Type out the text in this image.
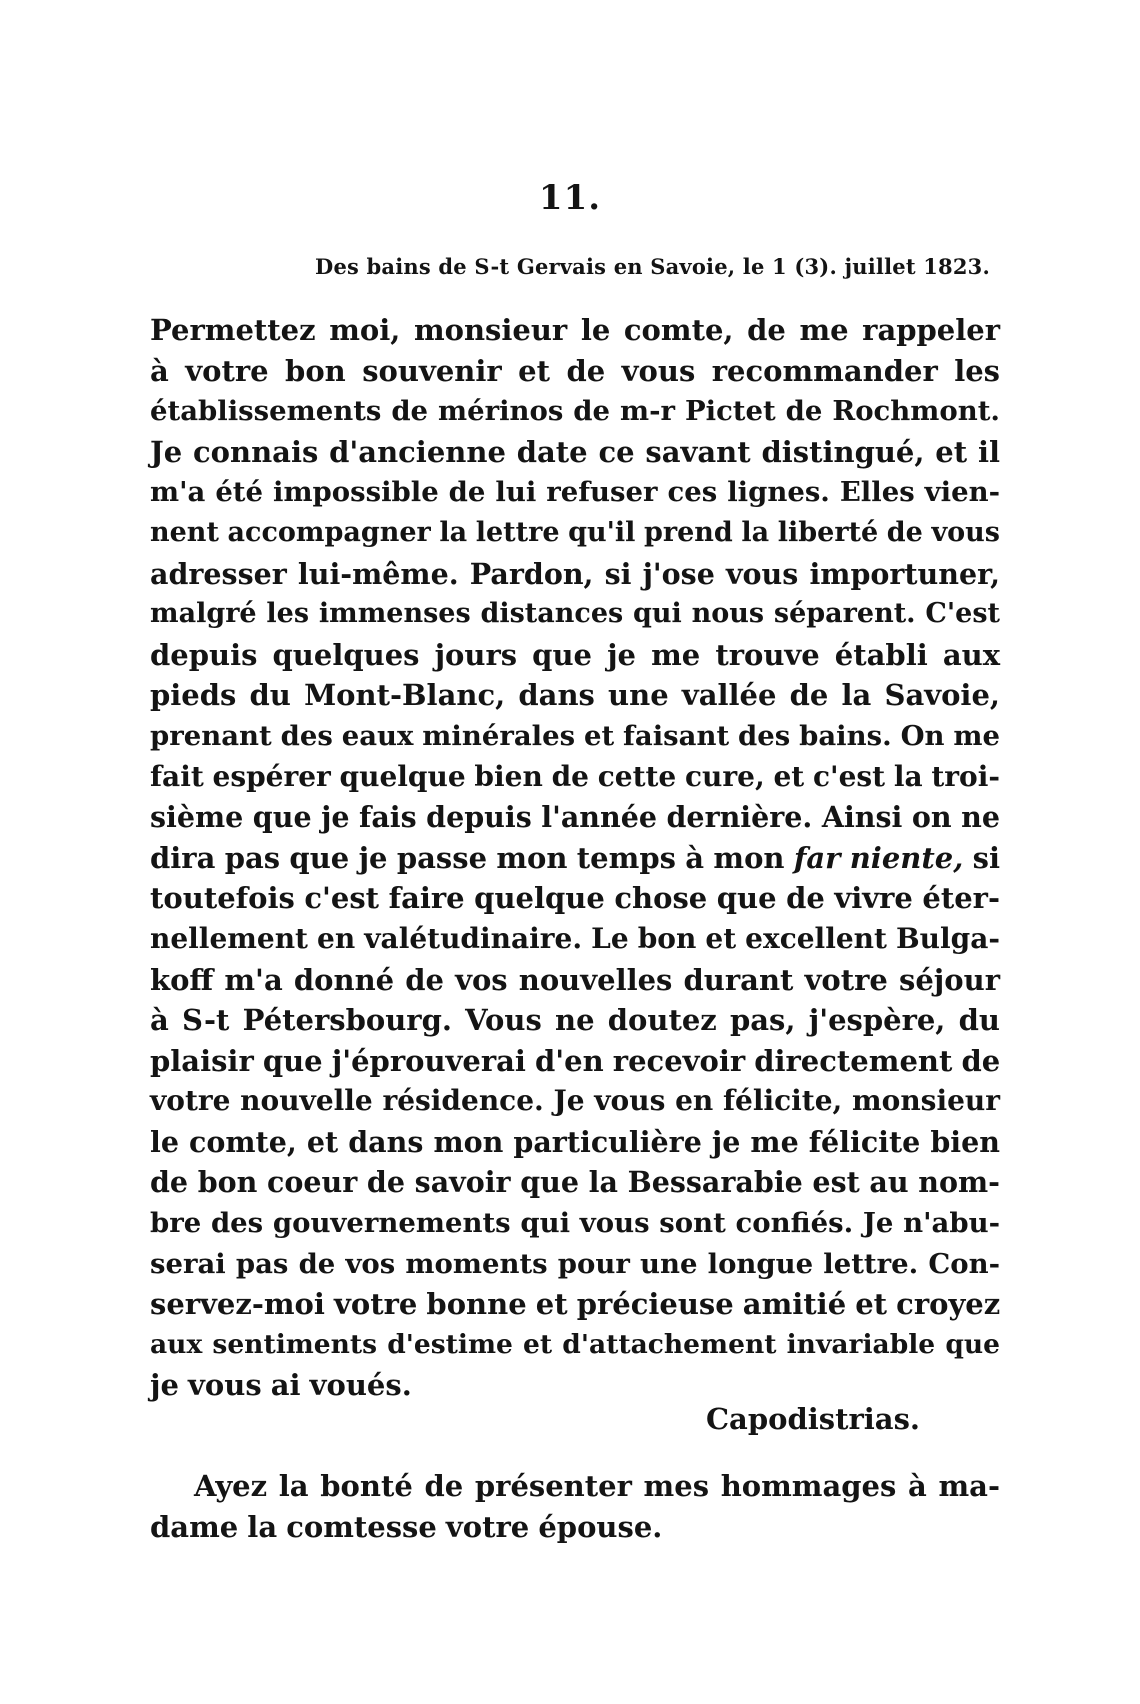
11.
Des bains de S-t Gervais en Savoie, le 1 (3). juillet 1823.
Permettez moi, monsieur le comte, de me rappeler
à votre bon souvenir et de vous recommander les
établissements de mérinos de m-r Pictet de Rochmont.
Je connais d'ancienne date ce savant distingué, et il
m'a été impossible de lui refuser ces lignes. Elles vien-
nent accompagner la lettre qu'il prend la liberté de vous
adresser lui-même. Pardon, si j'ose vous importuner,
malgré les immenses distances qui nous séparent. C'est
depuis quelques jours que je me trouve établi aux
pieds du Mont-Blanc, dans une vallée de la Savoie,
prenant des eaux minérales et faisant des bains. On me
fait espérer quelque bien de cette cure, et c'est la troi-
sième que je fais depuis l'année dernière. Ainsi on ne
dira pas que je passe mon temps à mon far niente, si
toutefois c'est faire quelque chose que de vivre éter-
nellement en valétudinaire. Le bon et excellent Bulga-
koff m'a donné de vos nouvelles durant votre séjour
à S-t Pétersbourg. Vous ne doutez pas, j'espère, du
plaisir que j'éprouverai d'en recevoir directement de
votre nouvelle résidence. Je vous en félicite, monsieur
le comte, et dans mon particulière je me félicite bien
de bon coeur de savoir que la Bessarabie est au nom-
bre des gouvernements qui vous sont confiés. Je n'abu-
serai pas de vos moments pour une longue lettre. Con-
servez-moi votre bonne et précieuse amitié et croyez
aux sentiments d'estime et d'attachement invariable que
je vous ai voués.
Capodistrias.
Ayez la bonté de présenter mes hommages à ma-
dame la comtesse votre épouse.
